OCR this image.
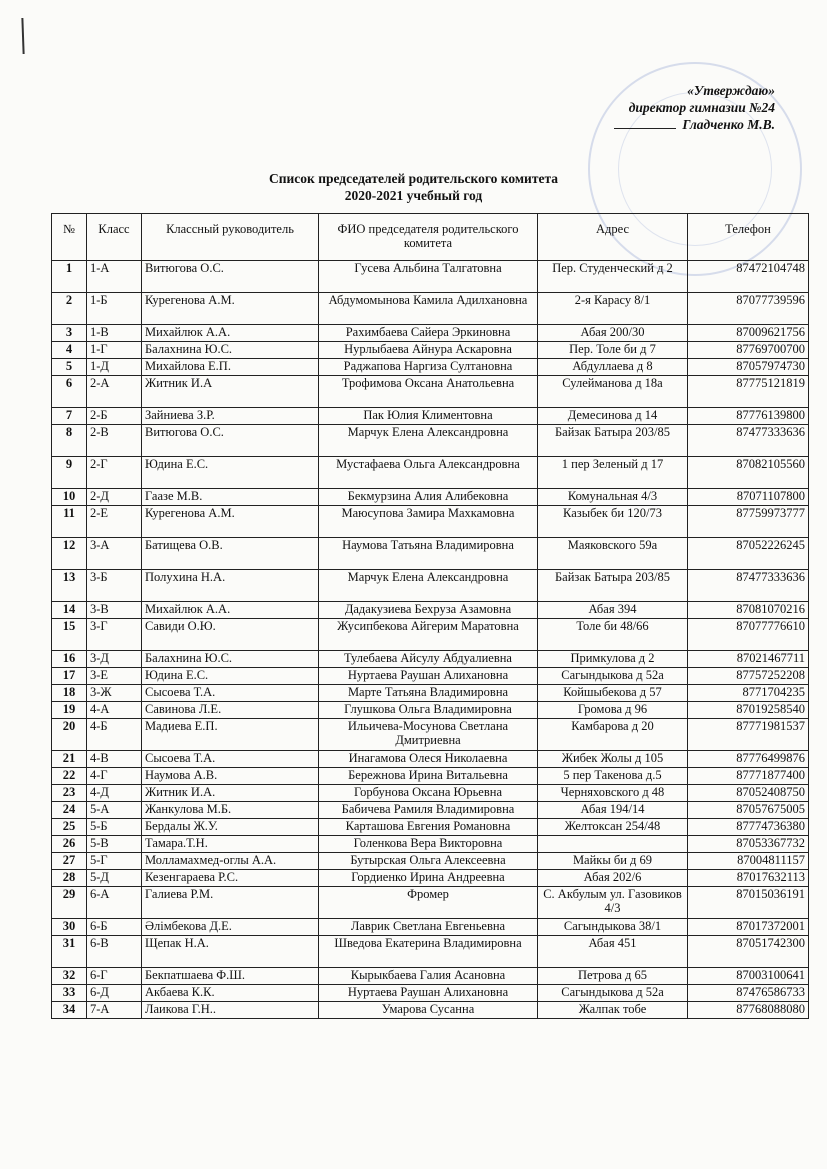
«Утверждаю»
директор гимназии №24
Гладченко М.В.
Список председателей родительского комитета
2020-2021 учебный год
№	Класс	Классный руководитель	ФИО председателя родительского комитета	Адрес	Телефон
1	1-А	Витюгова О.С.	Гусева Альбина Талгатовна	Пер. Студенческий д 2	87472104748
2	1-Б	Курегенова А.М.	Абдумомынова Камила Адилхановна	2-я Карасу 8/1	87077739596
3	1-В	Михайлюк А.А.	Рахимбаева Сайера Эркиновна	Абая 200/30	87009621756
4	1-Г	Балахнина Ю.С.	Нурлыбаева Айнура Аскаровна	Пер. Толе би д 7	87769700700
5	1-Д	Михайлова Е.П.	Раджапова Наргиза Султановна	Абдуллаева д 8	87057974730
6	2-А	Житник И.А	Трофимова Оксана Анатольевна	Сулейманова д 18а	87775121819
7	2-Б	Зайниева З.Р.	Пак Юлия Климентовна	Демесинова д 14	87776139800
8	2-В	Витюгова О.С.	Марчук Елена Александровна	Байзак Батыра 203/85	87477333636
9	2-Г	Юдина Е.С.	Мустафаева Ольга Александровна	1 пер Зеленый д 17	87082105560
10	2-Д	Гаазе М.В.	Бекмурзина Алия Алибековна	Комунальная 4/3	87071107800
11	2-Е	Курегенова А.М.	Маюсупова Замира Махкамовна	Казыбек би 120/73	87759973777
12	3-А	Батищева О.В.	Наумова Татьяна Владимировна	Маяковского 59а	87052226245
13	3-Б	Полухина Н.А.	Марчук Елена Александровна	Байзак Батыра 203/85	87477333636
14	3-В	Михайлюк А.А.	Дадакузиева Бехруза Азамовна	Абая 394	87081070216
15	3-Г	Савиди О.Ю.	Жусипбекова Айгерим Маратовна	Толе би 48/66	87077776610
16	3-Д	Балахнина Ю.С.	Тулебаева Айсулу Абдуалиевна	Примкулова д 2	87021467711
17	3-Е	Юдина Е.С.	Нуртаева Раушан Алихановна	Сагындыкова д 52а	87757252208
18	3-Ж	Сысоева Т.А.	Марте Татьяна Владимировна	Койшыбекова д 57	8771704235
19	4-А	Савинова Л.Е.	Глушкова Ольга Владимировна	Громова д 96	87019258540
20	4-Б	Мадиева Е.П.	Ильичева-Мосунова Светлана Дмитриевна	Камбарова д 20	87771981537
21	4-В	Сысоева Т.А.	Инагамова Олеся Николаевна	Жибек Жолы д 105	87776499876
22	4-Г	Наумова А.В.	Бережнова Ирина Витальевна	5 пер Такенова д.5	87771877400
23	4-Д	Житник И.А.	Горбунова Оксана Юрьевна	Черняховского д 48	87052408750
24	5-А	Жанкулова М.Б.	Бабичева Рамиля Владимировна	Абая 194/14	87057675005
25	5-Б	Бердалы Ж.У.	Карташова Евгения Романовна	Желтоксан 254/48	87774736380
26	5-В	Тамара.Т.Н.	Голенкова Вера Викторовна		87053367732
27	5-Г	Молламахмед-оглы А.А.	Бутырская Ольга Алексеевна	Майкы би д 69	87004811157
28	5-Д	Кезенгараева Р.С.	Гордиенко Ирина Андреевна	Абая 202/6	87017632113
29	6-А	Галиева Р.М.	Фромер	С. Акбулым ул. Газовиков 4/3	87015036191
30	6-Б	Әлімбекова Д.Е.	Лаврик Светлана Евгеньевна	Сагындыкова 38/1	87017372001
31	6-В	Щепак Н.А.	Шведова Екатерина Владимировна	Абая 451	87051742300
32	6-Г	Бекпатшаева Ф.Ш.	Кырыкбаева Галия Асановна	Петрова д 65	87003100641
33	6-Д	Акбаева К.К.	Нуртаева Раушан Алихановна	Сагындыкова д 52а	87476586733
34	7-А	Лаикова Г.Н..	Умарова Сусанна	Жалпак тобе	87768088080
